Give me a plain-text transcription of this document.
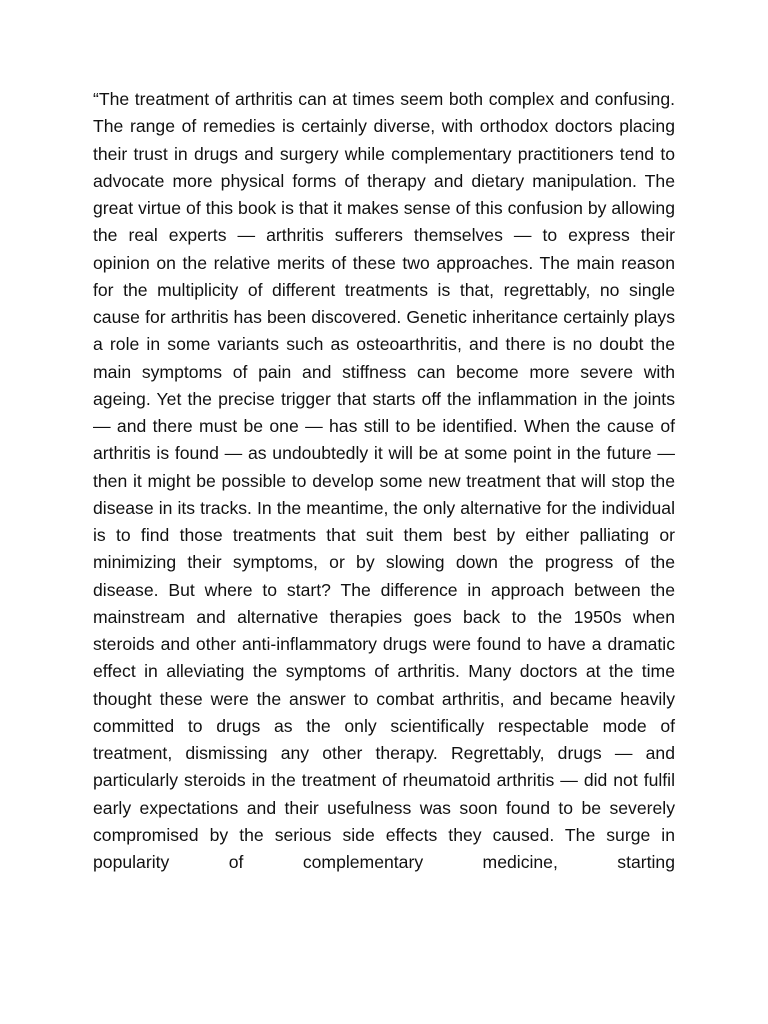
“The treatment of arthritis can at times seem both complex and confusing. The range of remedies is certainly diverse, with orthodox doctors placing their trust in drugs and surgery while complementary practitioners tend to advocate more physical forms of therapy and dietary manipulation. The great virtue of this book is that it makes sense of this confusion by allowing the real experts — arthritis sufferers themselves — to express their opinion on the relative merits of these two approaches. The main reason for the multiplicity of different treatments is that, regrettably, no single cause for arthritis has been discovered. Genetic inheritance certainly plays a role in some variants such as osteoarthritis, and there is no doubt the main symptoms of pain and stiffness can become more severe with ageing. Yet the precise trigger that starts off the inflammation in the joints — and there must be one — has still to be identified. When the cause of arthritis is found — as undoubtedly it will be at some point in the future — then it might be possible to develop some new treatment that will stop the disease in its tracks. In the meantime, the only alternative for the individual is to find those treatments that suit them best by either palliating or minimizing their symptoms, or by slowing down the progress of the disease. But where to start? The difference in approach between the mainstream and alternative therapies goes back to the 1950s when steroids and other anti-inflammatory drugs were found to have a dramatic effect in alleviating the symptoms of arthritis. Many doctors at the time thought these were the answer to combat arthritis, and became heavily committed to drugs as the only scientifically respectable mode of treatment, dismissing any other therapy. Regrettably, drugs — and particularly steroids in the treatment of rheumatoid arthritis — did not fulfil early expectations and their usefulness was soon found to be severely compromised by the serious side effects they caused. The surge in popularity of complementary medicine, starting
